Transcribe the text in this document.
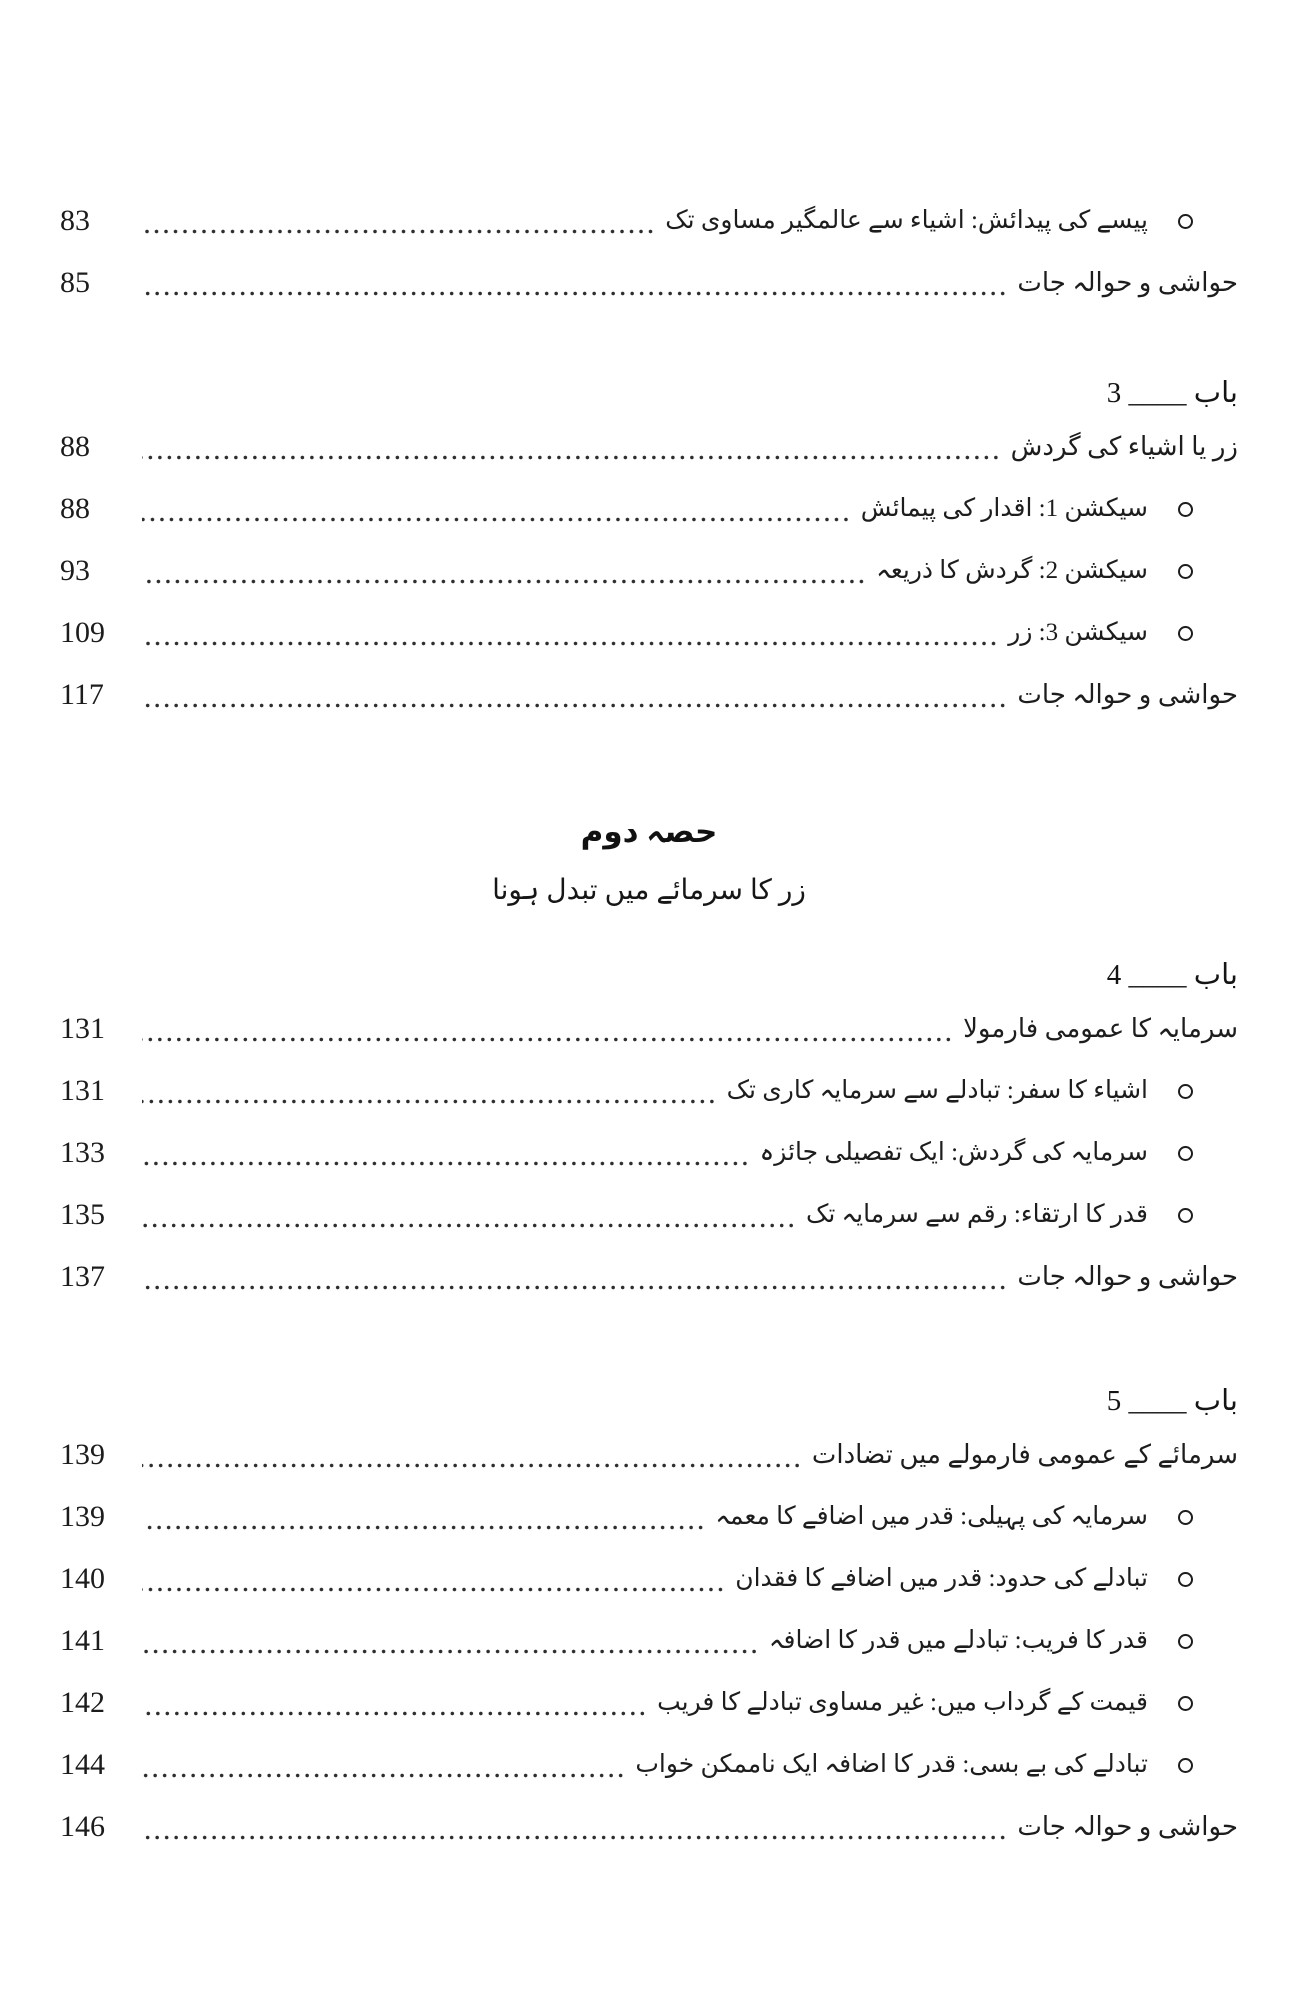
پیسے کی پیدائش: اشیاء سے عالمگیر مساوی تک
83
حواشی و حوالہ جات
85
باب ____ 3
زر یا اشیاء کی گردش
88
سیکشن 1: اقدار کی پیمائش
88
سیکشن 2: گردش کا ذریعہ
93
سیکشن 3: زر
109
حواشی و حوالہ جات
117
حصہ دوم
زر کا سرمائے میں تبدل ہونا
باب ____ 4
سرمایہ کا عمومی فارمولا
131
اشیاء کا سفر: تبادلے سے سرمایہ کاری تک
131
سرمایہ کی گردش: ایک تفصیلی جائزہ
133
قدر کا ارتقاء: رقم سے سرمایہ تک
135
حواشی و حوالہ جات
137
باب ____ 5
سرمائے کے عمومی فارمولے میں تضادات
139
سرمایہ کی پہیلی: قدر میں اضافے کا معمہ
139
تبادلے کی حدود: قدر میں اضافے کا فقدان
140
قدر کا فریب: تبادلے میں قدر کا اضافہ
141
قیمت کے گرداب میں: غیر مساوی تبادلے کا فریب
142
تبادلے کی بے بسی: قدر کا اضافہ ایک ناممکن خواب
144
حواشی و حوالہ جات
146
